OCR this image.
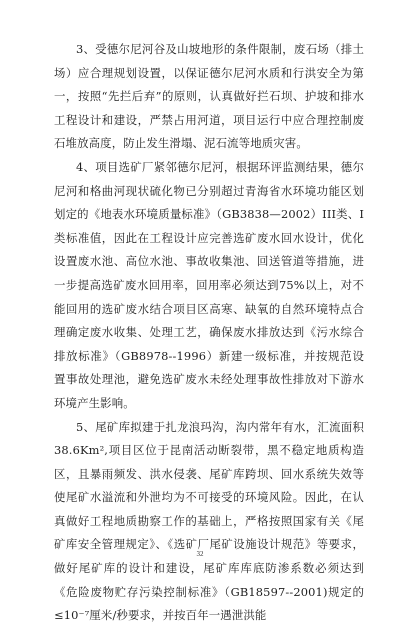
3、受德尔尼河谷及山坡地形的条件限制，废石场（排土场）应合理规划设置，以保证德尔尼河水质和行洪安全为第一，按照“先拦后弃”的原则，认真做好拦石坝、护坡和排水工程设计和建设，严禁占用河道，项目运行中应合理控制废石堆放高度，防止发生滑塌、泥石流等地质灾害。

4、项目选矿厂紧邻德尔尼河，根据环评监测结果，德尔尼河和格曲河现状硫化物已分别超过青海省水环境功能区划划定的《地表水环境质量标准》（GB3838—2002）III类、I类标准值，因此在工程设计应完善选矿废水回水设计，优化设置废水池、高位水池、事故收集池、回送管道等措施，进一步提高选矿废水回用率，回用率必须达到75%以上，对不能回用的选矿废水结合项目区高寒、缺氧的自然环境特点合理确定废水收集、处理工艺，确保废水排放达到《污水综合排放标准》（GB8978--1996）新建一级标准，并按规范设置事故处理池，避免选矿废水未经处理事故性排放对下游水环境产生影响。

5、尾矿库拟建于扎龙浪玛沟，沟内常年有水，汇流面积38.6Km²,项目区位于昆南活动断裂带，黑不稳定地质构造区，且暴雨频发、洪水侵袭、尾矿库跨坝、回水系统失效等使尾矿水溢流和外泄均为不可接受的环境风险。因此，在认真做好工程地质勘察工作的基础上，严格按照国家有关《尾矿库安全管理规定》、《选矿厂尾矿设施设计规范》等要求，做好尾矿库的设计和建设，尾矿库库底防渗系数必须达到《危险废物贮存污染控制标准》（GB18597--2001)规定的≤10⁻⁷厘米/秒要求，并按百年一遇泄洪能

32
